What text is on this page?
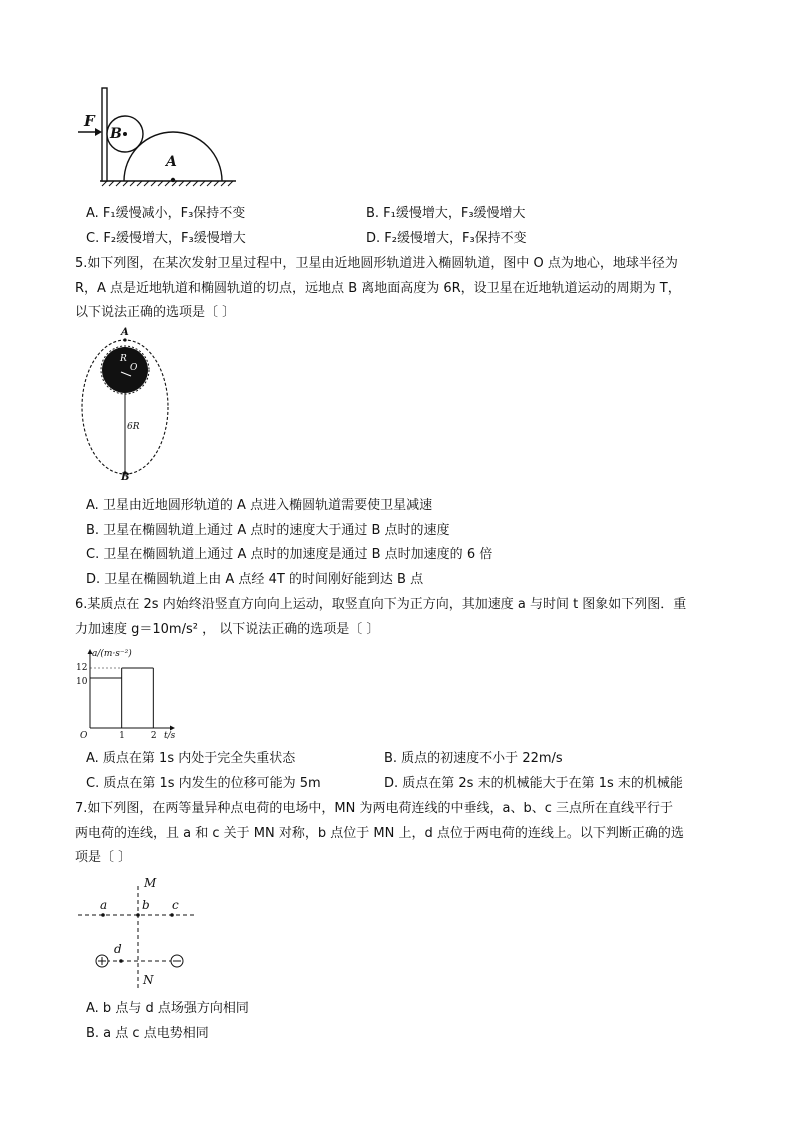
F
B
A
A. F₁缓慢减小，F₃保持不变	B. F₁缓慢增大，F₃缓慢增大
C. F₂缓慢增大，F₃缓慢增大	D. F₂缓慢增大，F₃保持不变
5.如下列图，在某次发射卫星过程中，卫星由近地圆形轨道进入椭圆轨道，图中 O 点为地心，地球半径为
R，A 点是近地轨道和椭圆轨道的切点，远地点 B 离地面高度为 6R，设卫星在近地轨道运动的周期为 T，
以下说法正确的选项是〔 〕
A
R
O
6R
B
A. 卫星由近地圆形轨道的 A 点进入椭圆轨道需要使卫星减速
B. 卫星在椭圆轨道上通过 A 点时的速度大于通过 B 点时的速度
C. 卫星在椭圆轨道上通过 A 点时的加速度是通过 B 点时加速度的 6 倍
D. 卫星在椭圆轨道上由 A 点经 4T 的时间刚好能到达 B 点
6.某质点在 2s 内始终沿竖直方向向上运动，取竖直向下为正方向，其加速度 a 与时间 t 图象如下列图．重
力加速度 g＝10m/s² ， 以下说法正确的选项是〔 〕
a/(m·s⁻²)
t/s
O	1	2
12
10
A. 质点在第 1s 内处于完全失重状态	B. 质点的初速度不小于 22m/s
C. 质点在第 1s 内发生的位移可能为 5m	D. 质点在第 2s 末的机械能大于在第 1s 末的机械能
7.如下列图，在两等量异种点电荷的电场中，MN 为两电荷连线的中垂线，a、b、c 三点所在直线平行于
两电荷的连线，且 a 和 c 关于 MN 对称，b 点位于 MN 上，d 点位于两电荷的连线上。以下判断正确的选
项是〔 〕
M
a	b c
d
N
A. b 点与 d 点场强方向相同
B. a 点 c 点电势相同
